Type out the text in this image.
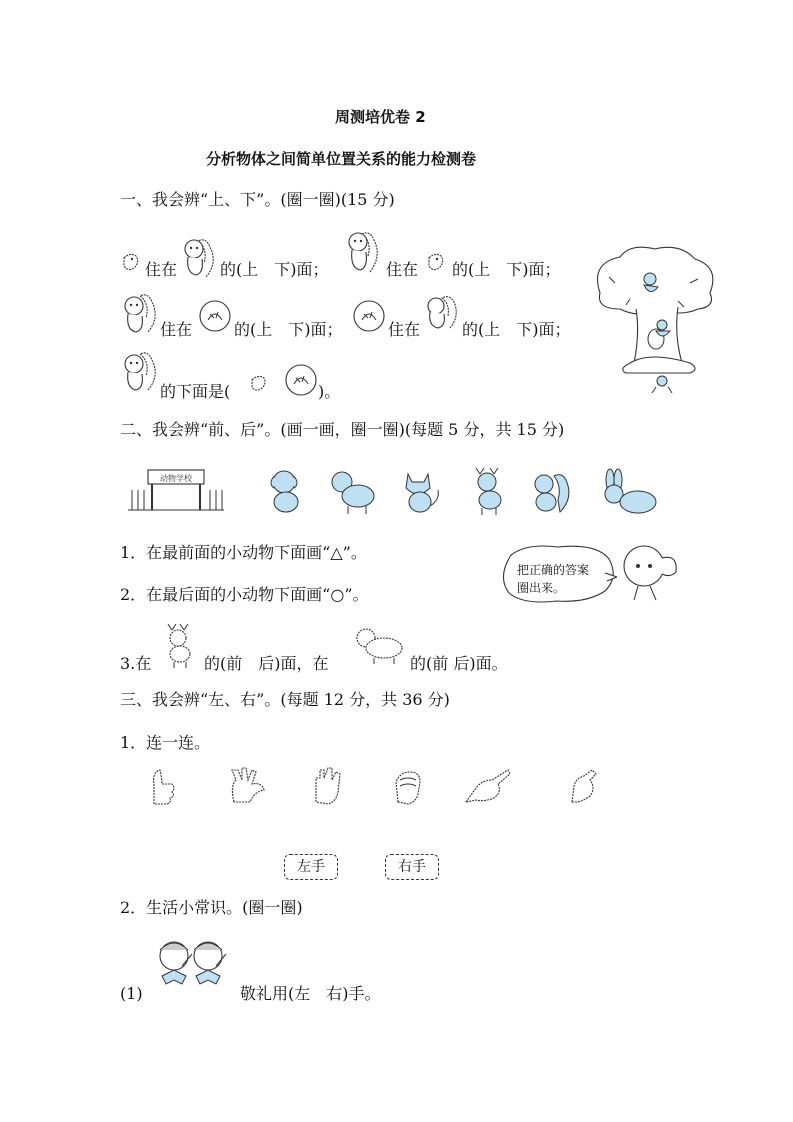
周测培优卷 2
分析物体之间简单位置关系的能力检测卷
一、我会辨“上、下”。(圈一圈)(15 分)
住在	的(上　下)面；	住在 的(上　下)面；
住在	的(上　下)面；	住在	的(上　下)面；
的下面是(	)。
二、我会辨“前、后”。(画一画，圈一圈)(每题 5 分，共 15 分)
动物学校
1．在最前面的小动物下面画“△”。
2．在最后面的小动物下面画“○”。
把正确的答案
圈出来。
3.在	的(前　后)面，在	的(前 后)面。
三、我会辨“左、右”。(每题 12 分，共 36 分)
1．连一连。
左手	右手
2．生活小常识。(圈一圈)
(1)	敬礼用(左　右)手。
